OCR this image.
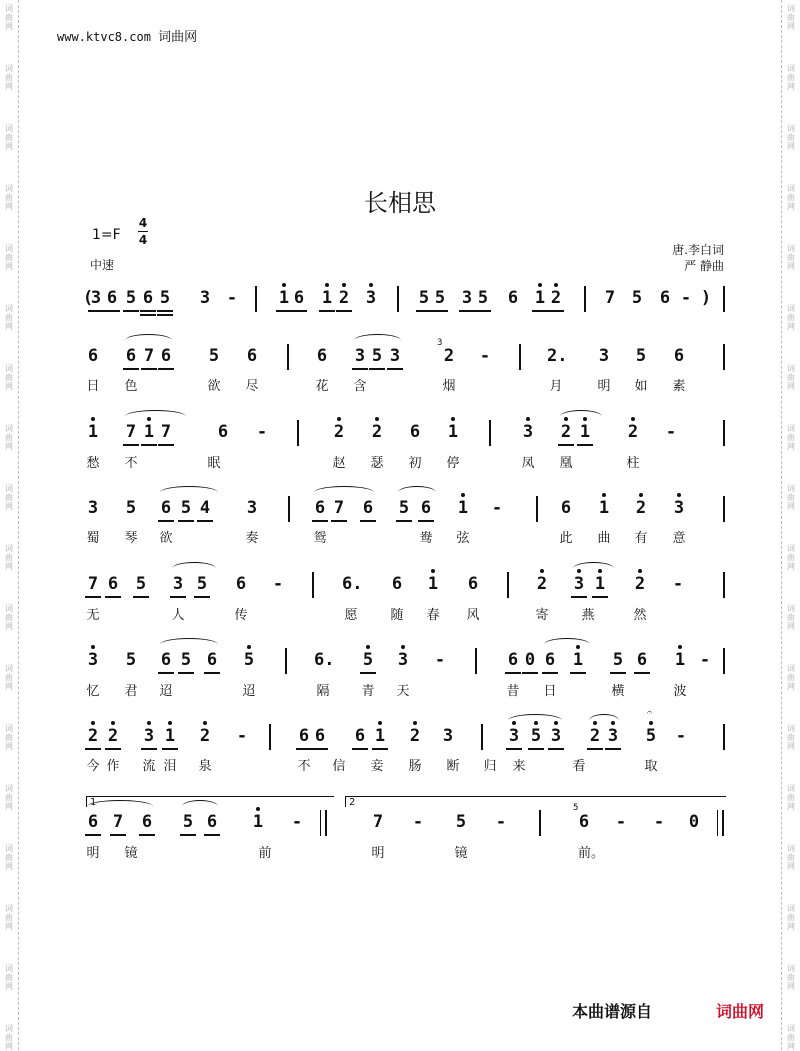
词
曲
网
词
曲
网
词
曲
网
词
曲
网
词
曲
网
词
曲
网
词
曲
网
词
曲
网
词
曲
网
词
曲
网
词
曲
网
词
曲
网
词
曲
网
词
曲
网
词
曲
网
词
曲
网
词
曲
网
词
曲
网
词
曲
网
词
曲
网
词
曲
网
词
曲
网
词
曲
网
词
曲
网
词
曲
网
词
曲
网
词
曲
网
词
曲
网
词
曲
网
词
曲
网
词
曲
网
词
曲
网
词
曲
网
词
曲
网
词
曲
网
词
曲
网
www.ktvc8.com 词曲网
长相思
1=F
4
4
中速
唐.李白词
严 静曲
(
3 6 5 6 5 3 - 1 6 1 2 3	5 5 3 5 6 1 2	7 5 6 - )
6 6 7 6 5 6	6 3 5 3	2 -	2. 3 5 6
3
日 色	欲 尽	花 含	烟	月	明 如 素
1 7 1 7	6 -	2 2 6 1	3 2 1 2 -
愁 不	眠	赵 瑟 初 停	凤 凰	柱
3 5 6 5 4 3	6 7 6 5 6 1 -	6 1 2 3
蜀 琴 欲	奏	鸳	鸯 弦	此 曲 有 意
7 6 5 3 5 6 -	6. 6 1 6	2 3 1 2 -
无	人	传	愿	随 春 风	寄	燕	然
3 5 6 5 6 5	6. 5 3 -	6 0 6 1 5 6 1 -
忆 君 迢	迢	隔 青 天	昔 日	横	波
2 2 3 1 2 -	6 6 6 1 2 3	3 5 3 2 3 5 -
𝄐
今 作 流 泪 泉	不 信 妾 肠 断 归 来	看	取
6 7 6 5 6 1 -	7 - 5 -	6 - - 0
5
1	2
明 镜	前	明	镜	前。
本曲谱源自	词曲网
